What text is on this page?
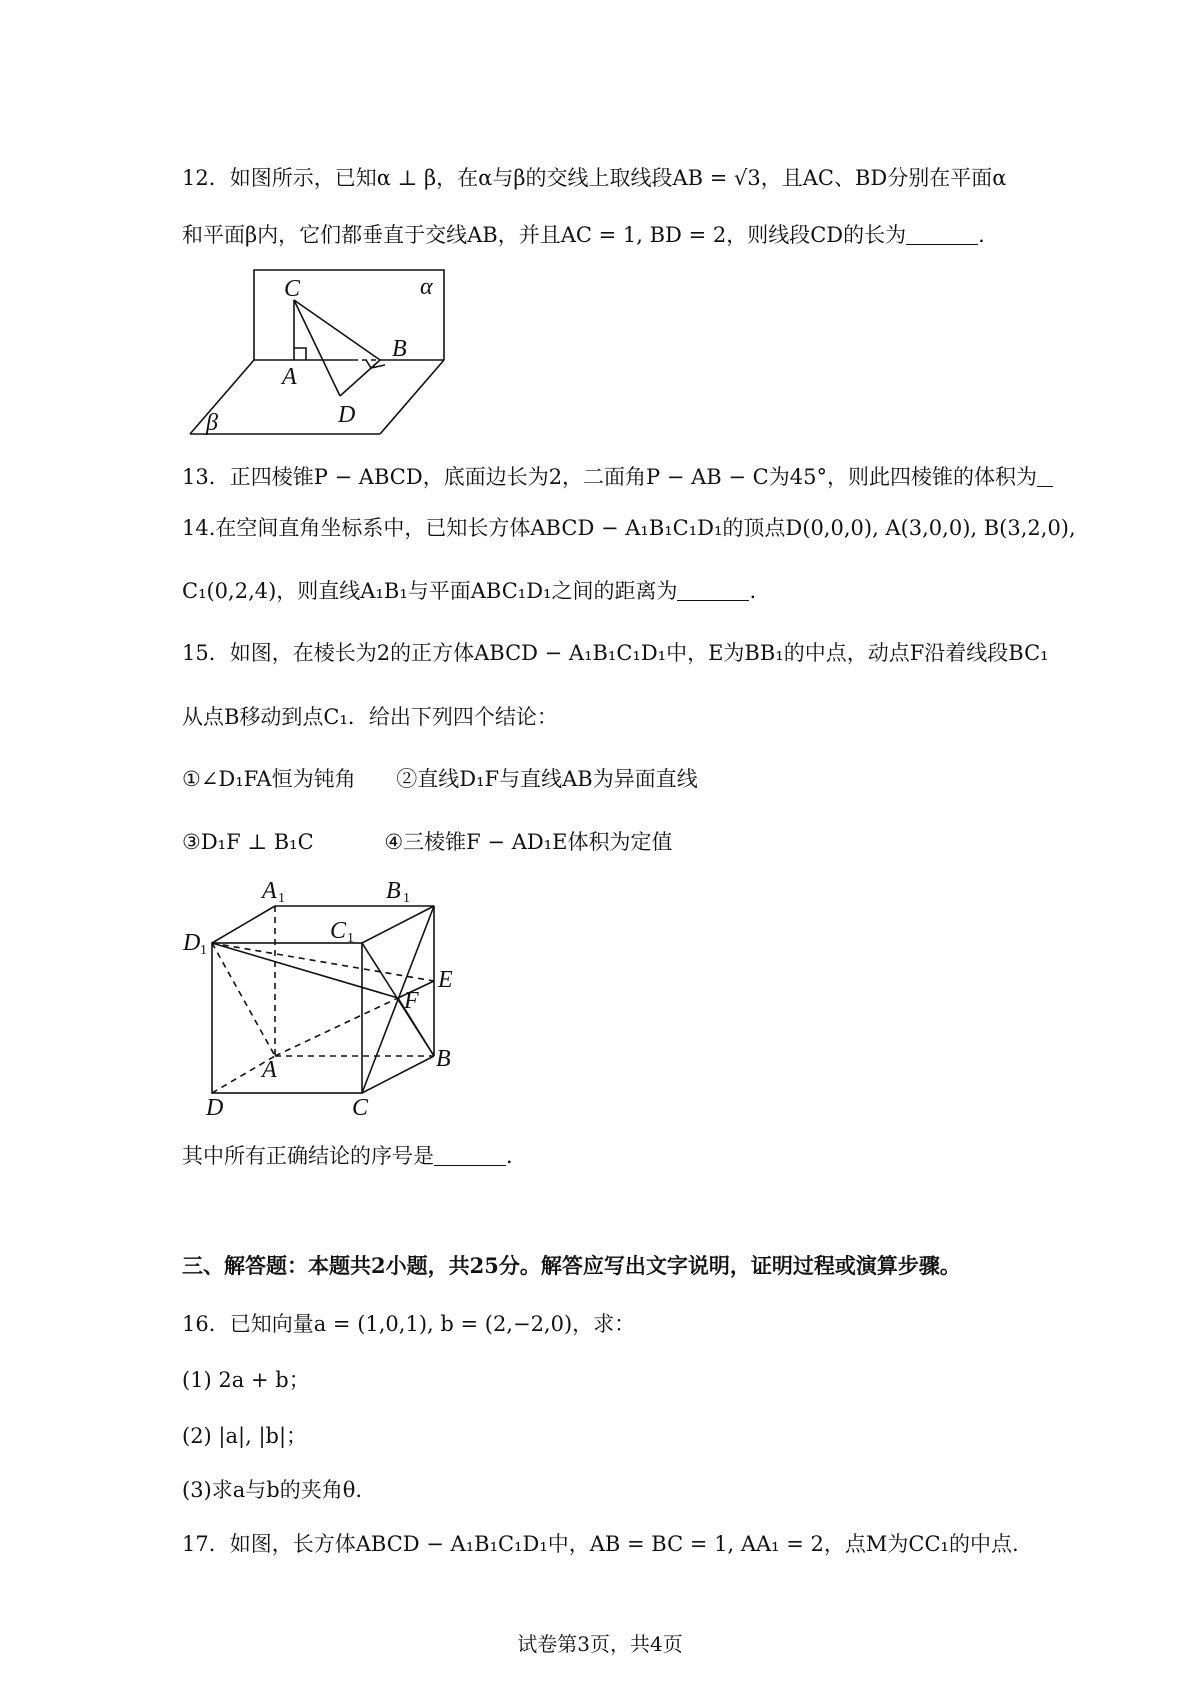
12．如图所示，已知α ⊥ β，在α与β的交线上取线段AB = √3，且AC、BD分别在平面α
和平面β内，它们都垂直于交线AB，并且AC = 1, BD = 2，则线段CD的长为	.
α
C
B
A
D
β
13．正四棱锥P − ABCD，底面边长为2，二面角P − AB − C为45°，则此四棱锥的体积为
14.在空间直角坐标系中，已知长方体ABCD − A₁B₁C₁D₁的顶点D(0,0,0), A(3,0,0), B(3,2,0),
C₁(0,2,4)，则直线A₁B₁与平面ABC₁D₁之间的距离为	.
15．如图，在棱长为2的正方体ABCD − A₁B₁C₁D₁中，E为BB₁的中点，动点F沿着线段BC₁
从点B移动到点C₁．给出下列四个结论：
①∠D₁FA恒为钝角 ②直线D₁F与直线AB为异面直线
③D₁F ⊥ B₁C	④三棱锥F − AD₁E体积为定值
A 1	B 1
C 1
D 1
E
F
A	B
D	C
其中所有正确结论的序号是	.
三、解答题：本题共2小题，共25分。解答应写出文字说明，证明过程或演算步骤。
16．已知向量a = (1,0,1), b = (2,−2,0)，求：
(1) 2a + b；
(2) |a|, |b|；
(3)求a与b的夹角θ.
17．如图，长方体ABCD − A₁B₁C₁D₁中，AB = BC = 1, AA₁ = 2，点M为CC₁的中点.
试卷第3页，共4页
